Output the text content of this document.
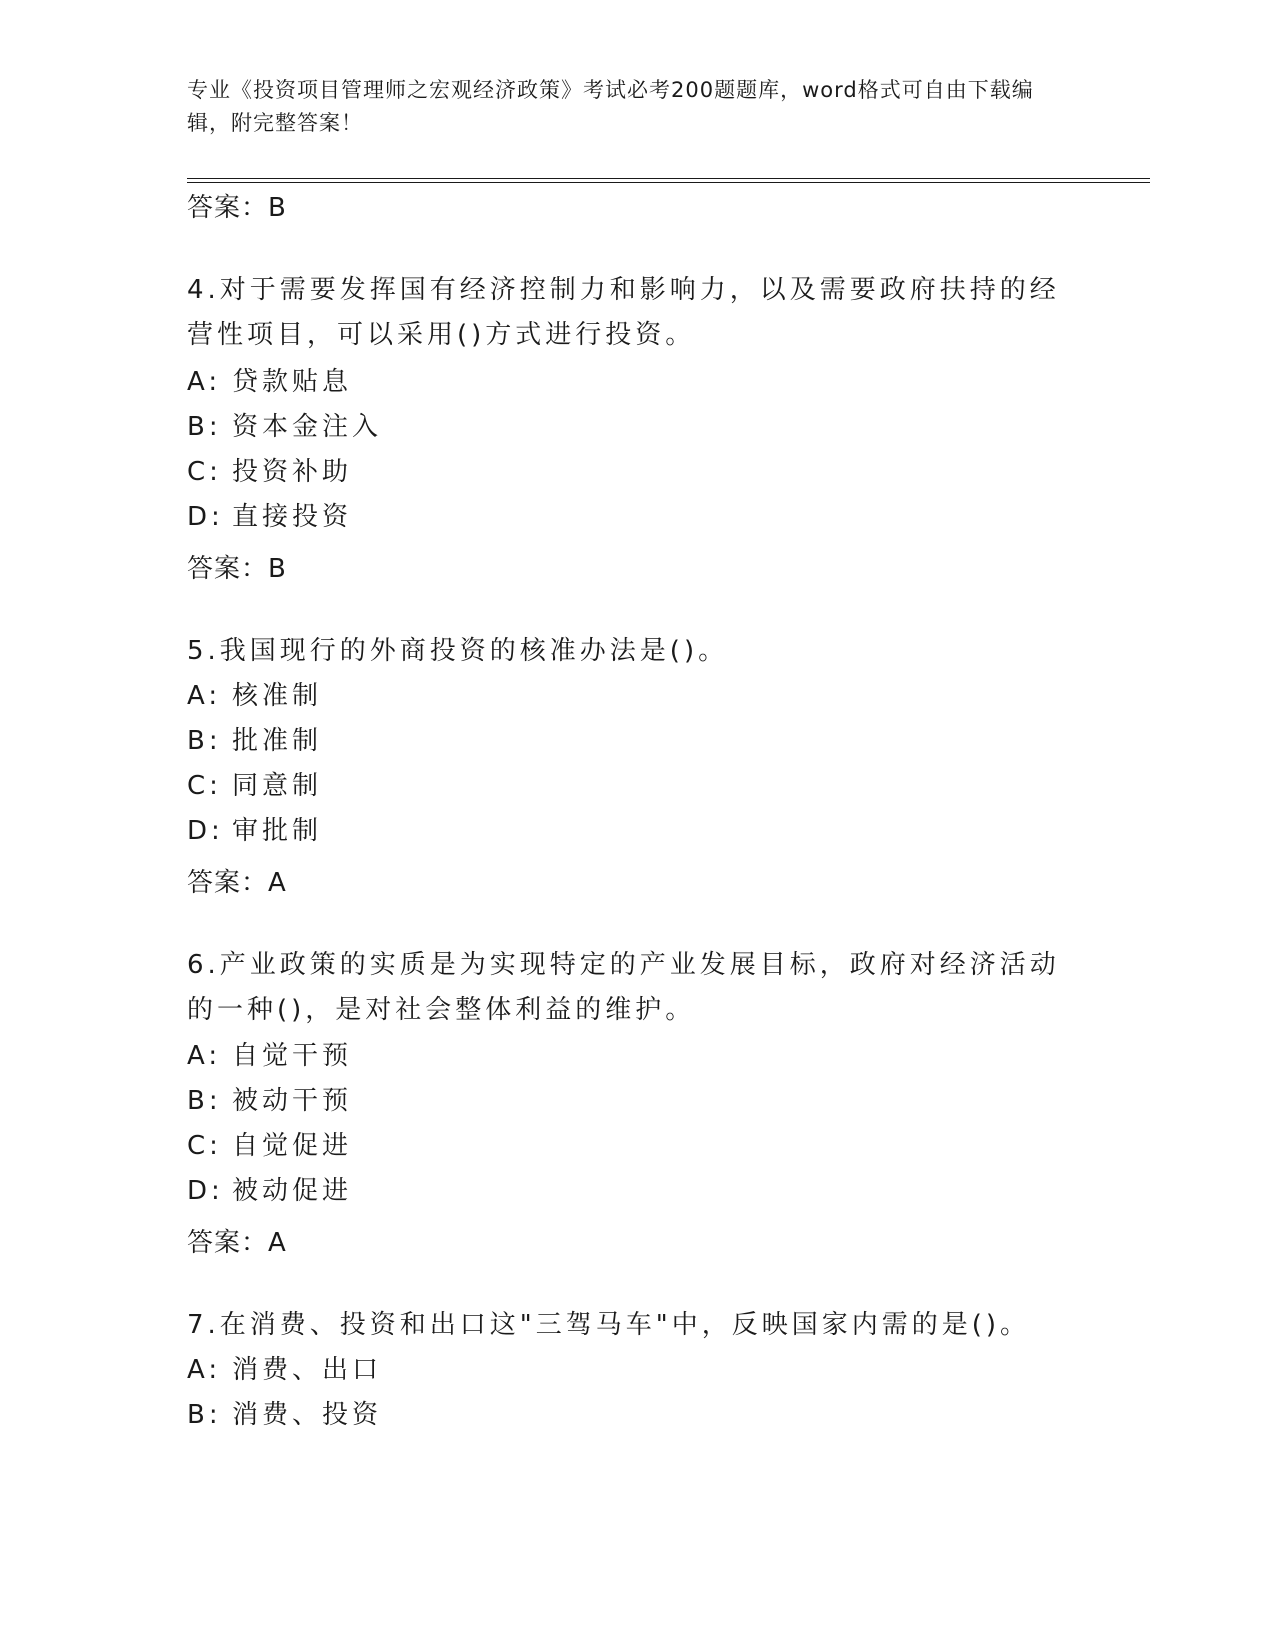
专业《投资项目管理师之宏观经济政策》考试必考200题题库，word格式可自由下载编辑，附完整答案！

答案：B

4.对于需要发挥国有经济控制力和影响力，以及需要政府扶持的经营性项目，可以采用()方式进行投资。

A: 贷款贴息
B: 资本金注入
C: 投资补助
D: 直接投资

答案：B

5.我国现行的外商投资的核准办法是()。

A: 核准制
B: 批准制
C: 同意制
D: 审批制

答案：A

6.产业政策的实质是为实现特定的产业发展目标，政府对经济活动的一种()，是对社会整体利益的维护。

A: 自觉干预
B: 被动干预
C: 自觉促进
D: 被动促进

答案：A

7.在消费、投资和出口这"三驾马车"中，反映国家内需的是()。

A: 消费、出口
B: 消费、投资
